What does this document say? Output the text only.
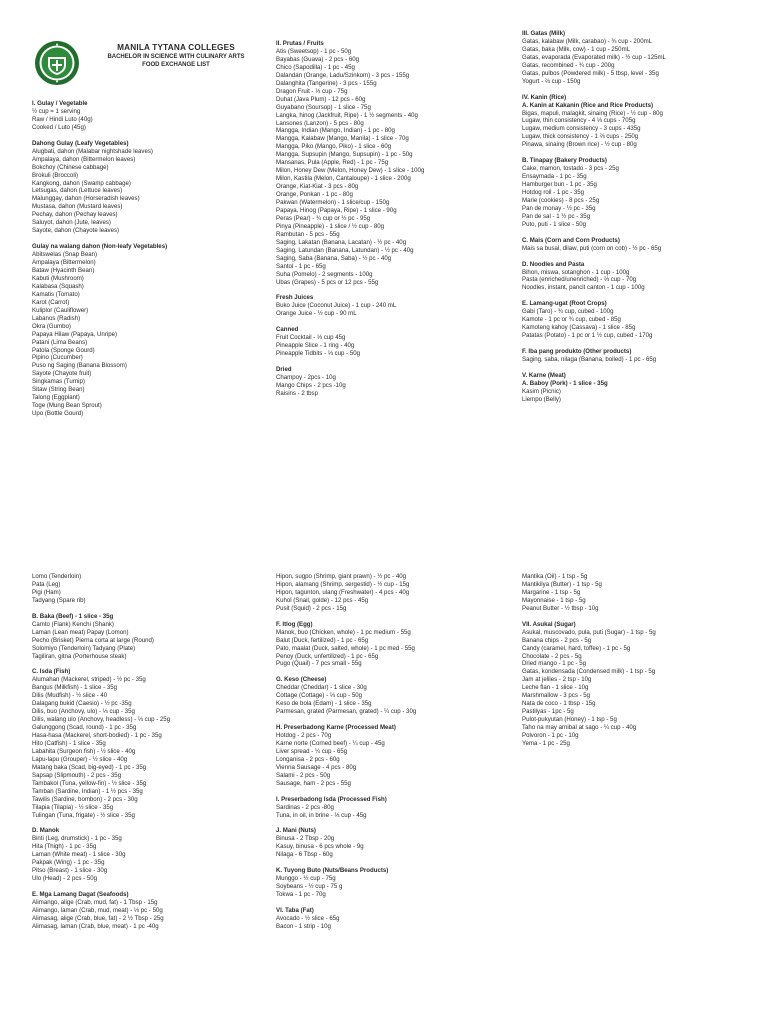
MANILA TYTANA COLLEGES
BACHELOR IN SCIENCE WITH CULINARY ARTS
FOOD EXCHANGE LIST
I. Gulay / Vegetable
½ cup = 1 serving
Raw / Hindi Luto (40g)
Cooked / Luto (45g)
Dahong Gulay (Leafy Vegetables)
Alugbati, dahon (Malabar nightshade leaves)
Ampalaya, dahon (Bittermelon leaves)
Bokchoy (Chinese cabbage)
Brokuli (Broccoli)
Kangkong, dahon (Swamp cabbage)
Letsugas, dahon (Lettuce leaves)
Malunggay, dahon (Horseradish leaves)
Mustasa, dahon (Mustard leaves)
Pechay, dahon (Pechay leaves)
Saluyot, dahon (Jute, leaves)
Sayote, dahon (Chayote leaves)
Gulay na walang dahon (Non-leafy Vegetables)
Abitswelas (Snap Bean)
Ampalaya (Bittermelon)
Bataw (Hyacinth Bean)
Kabuti (Mushroom)
Kalabasa (Squash)
Kamatis (Tomato)
Karot (Carrot)
Kuliplor (Cauliflower)
Labanos (Radish)
Okra (Gumbo)
Papaya Hilaw (Papaya, Unripe)
Patani (Lima Beans)
Patola (Sponge Gourd)
Pipino (Cucumber)
Puso ng Saging (Banana Blossom)
Sayote (Chayote fruit)
Singkamas (Turnip)
Sitaw (String Bean)
Talong (Eggplant)
Toge (Mung Bean Sprout)
Upo (Bottle Gourd)
II. Prutas / Fruits
Atis (Sweetsop) - 1 pc - 50g
Bayabas (Guava) - 2 pcs - 60g
Chico (Sapodilla) - 1 pc - 45g
Dalandan (Orange, Ladu/Szinkom) - 3 pcs - 155g
Dalanghita (Tangerine) - 3 pcs - 155g
Dragon Fruit - ⅓ cup - 75g
Duhat (Java Plum) - 12 pcs - 60g
Guyabano (Soursop) - 1 slice - 75g
Langka, hinog (Jackfruit, Ripe) - 1 ½ segments - 40g
Lansones (Lanzon) - 5 pcs - 80g
Mangga, Indian (Mango, Indian) - 1 pc - 80g
Mangga, Kalabaw (Mango, Manila) - 1 slice - 70g
Mangga, Piko (Mango, Piko) - 1 slice - 60g
Mangga, Supsupin (Mango, Supsupin) - 1 pc - 50g
Mansanas, Pula (Apple, Red) - 1 pc - 75g
Milon, Honey Dew (Melon, Honey Dew) - 1 slice - 100g
Milon, Kastila (Melon, Cantaloupe) - 1 slice - 200g
Orange, Kiat-Kiat - 3 pcs - 80g
Orange, Ponkan - 1 pc - 80g
Pakwan (Watermelon) - 1 slice/cup - 150g
Papaya, Hinog (Papaya, Ripe) - 1 slice - 90g
Peras (Pear) - ¾ cup or ½ pc - 95g
Pinya (Pineapple) - 1 slice / ½ cup - 80g
Rambutan - 5 pcs - 55g
Saging, Lakatan (Banana, Lacatan) - ½ pc - 40g
Saging, Latundan (Banana, Latundan) - ½ pc - 40g
Saging, Saba (Banana, Saba) - ½ pc - 40g
Santol - 1 pc - 65g
Suha (Pomelo) - 2 segments - 100g
Ubas (Grapes) - 5 pcs or 12 pcs - 55g
Fresh Juices
Buko Juice (Coconut Juice) - 1 cup - 240 mL
Orange Juice - ½ cup - 90 mL
Canned
Fruit Cocktail - ⅓ cup 45g
Pineapple Slice - 1 ring - 40g
Pineapple Tidbits - ⅓ cup - 50g
Dried
Champoy - 2pcs - 10g
Mango Chips - 2 pcs -10g
Raisins - 2 tbsp
III. Gatas (Milk)
Gatas, kalabaw (Milk, carabao) - ¾ cup - 200mL
Gatas, baka (Milk, cow) - 1 cup - 250mL
Gatas, evaporada (Evaporated milk) - ½ cup - 125mL
Gatas, recombined - ¾ cup - 200g
Gatas, pulbos (Powdered milk) - 5 tbsp, level - 35g
Yogurt - ⅔ cup - 150g
IV. Kanin (Rice)
A. Kanin at Kakanin (Rice and Rice Products)
Bigas, mapuli, malagkit, sinaing (Rice) - ½ cup - 80g
Lugaw, thin consistency - 4 ⅓ cups - 705g
Lugaw, medium consistency - 3 cups - 435g
Lugaw, thick consistency - 1 ⅔ cups - 250g
Pinawa, sinaing (Brown rice) - ½ cup - 80g
B. Tinapay (Bakery Products)
Cake, mamon, tostado - 3 pcs - 25g
Ensaymada - 1 pc - 35g
Hamburger bun - 1 pc - 35g
Hotdog roll - 1 pc - 35g
Marie (cookies) - 8 pcs - 25g
Pan de monay - ½ pc - 35g
Pan de sal - 1 ½ pc - 35g
Puto, puti - 1 slice - 50g
C. Mais (Corn and Corn Products)
Mais sa busal, dilaw, puti (corn on cob) - ½ pc - 65g
D. Noodles and Pasta
Bihon, miswa, sotanghon - 1 cup - 100g
Pasta (enriched/unenriched) - ⅔ cup - 70g
Noodles, instant, pancit canton - 1 cup - 100g
E. Lamang-ugat (Root Crops)
Gabi (Taro) - ¾ cup, cubed - 100g
Kamote - 1 pc or ¾ cup, cubed - 85g
Kamoteng kahoy (Cassava) - 1 slice - 85g
Patatas (Potato) - 1 pc or 1 ½ cup, cubed - 170g
F. Iba pang produkto (Other products)
Saging, saba, nilaga (Banana, boiled) - 1 pc - 65g
V. Karne (Meat)
A. Baboy (Pork) - 1 slice - 35g
Kasim (Picnic)
Liempo (Belly)
Lomo (Tenderloin)
Pata (Leg)
Pigi (Ham)
Tadyang (Spare rib)
B. Baka (Beef) - 1 slice - 35g
Camto (Flank) Kenchi (Shank)
Laman (Lean meat) Papay (Lomon)
Pecho (Brisket) Pierna corta at large (Round)
Solomiyo (Tenderloin) Tadyang (Plate)
Tagiliran, gitna (Porterhouse steak)
C. Isda (Fish)
Alumahan (Mackerel, striped) - ½ pc - 35g
Bangus (Milkfish) - 1 slice - 35g
Dilis (Mudfish) - ½ slice - 40
Dalagang bukid (Caesio) - ½ pc -35g
Dilis, buo (Anchovy, ulo) - ⅓ cup - 35g
Dilis, walang ulo (Anchovy, headless) - ⅓ cup - 25g
Galunggong (Scad, round) - 1 pc - 35g
Hasa-hasa (Mackerel, short-bodied) - 1 pc - 35g
Hito (Catfish) - 1 slice - 35g
Labahita (Surgeon fish) - ½ slice - 40g
Lapu-lapu (Grouper) - ½ slice - 40g
Matang baka (Scad, big-eyed) - 1 pc - 35g
Sapsap (Slipmouth) - 2 pcs - 35g
Tambakol (Tuna, yellow-fin) - ½ slice - 35g
Tamban (Sardine, Indian) - 1 ½ pcs - 35g
Tawilis (Sardine, bombon) - 2 pcs - 30g
Tilapia (Tilapia) - ½ slice - 35g
Tulingan (Tuna, frigate) - ½ slice - 35g
D. Manok
Binti (Leg, drumstick) - 1 pc - 35g
Hita (Thigh) - 1 pc - 35g
Laman (White meat) - 1 slice - 30g
Pakpak (Wing) - 1 pc - 35g
Pitso (Breast) - 1 slice - 30g
Ulo (Head) - 2 pcs - 50g
E. Mga Lamang Dagat (Seafoods)
Alimango, alige (Crab, mud, fat) - 1 Tbsp - 15g
Alimango, laman (Crab, mud, meat) - ⅓ pc - 50g
Alimasag, alige (Crab, blue, fat) - 2 ½ Tbsp - 25g
Alimasag, laman (Crab, blue, meat) - 1 pc -40g
Hipon, sugpo (Shrimp, giant prawn) - ½ pc - 40g
Hipon, alamang (Shrimp, sergestid) - ½ cup - 15g
Hipon, tagunton, ulang (Freshwater) - 4 pcs - 40g
Kuhol (Snail, golde) - 12 pcs - 45g
Pusit (Squid) - 2 pcs - 15g
F. Itlog (Egg)
Manok, buo (Chicken, whole) - 1 pc medium - 55g
Balut (Duck, fertilized) - 1 pc - 65g
Pato, maalat (Duck, salted, whole) - 1 pc med - 55g
Penoy (Duck, unfertilized) - 1 pc - 65g
Pugo (Quail) - 7 pcs small - 55g
G. Keso (Cheese)
Cheddar (Cheddar) - 1 slice - 30g
Cottage (Cottage) - ⅓ cup - 50g
Keso de bola (Edam) - 1 slice - 35g
Parmesan, grated (Parmesan, grated) - ¼ cup - 30g
H. Preserbadong Karne (Processed Meat)
Hotdog - 2 pcs - 70g
Karne norte (Corned beef) - ¼ cup - 45g
Liver spread - ¼ cup - 65g
Longanisa - 2 pcs - 60g
Vienna Sausage - 4 pcs - 80g
Salami - 2 pcs - 50g
Sausage, ham - 2 pcs - 55g
I. Preserbadong Isda (Processed Fish)
Sardinas - 2 pcs -80g
Tuna, in oil, in brine - ⅓ cup - 45g
J. Mani (Nuts)
Binusa - 2 Tbsp - 20g
Kasuy, binusa - 6 pcs whole - 9g
Nilaga - 6 Tbsp - 60g
K. Tuyong Buto (Nuts/Beans Products)
Munggo - ½ cup - 75g
Soybeans - ½ cup - 75 g
Tokwa - 1 pc - 70g
VI. Taba (Fat)
Avocado - ½ slice - 65g
Bacon - 1 strip - 10g
Mantika (Oil) - 1 tsp - 5g
Mantikilya (Butter) - 1 tsp - 5g
Margarine - 1 tsp - 5g
Mayonnaise - 1 tsp - 5g
Peanut Butter - ½ tbsp - 10g
VII. Asukal (Sugar)
Asukal, muscovado, pula, puti (Sugar) - 1 tsp - 5g
Banana chips - 2 pcs - 5g
Candy (caramel, hard, toffee) - 1 pc - 5g
Chocolate - 2 pcs - 5g
Dried mango - 1 pc - 5g
Gatas, kondensada (Condensed milk) - 1 tsp - 5g
Jam at jellies - 2 tsp - 10g
Leche flan - 1 slice - 10g
Marshmallow - 3 pcs - 5g
Nata de coco - 1 tbsp - 15g
Pastilyas - 1pc - 5g
Pulot-pukyutan (Honey) - 1 tsp - 5g
Taho na may arnibal at sago - ¼ cup - 40g
Polvoron - 1 pc - 10g
Yema - 1 pc - 25g
